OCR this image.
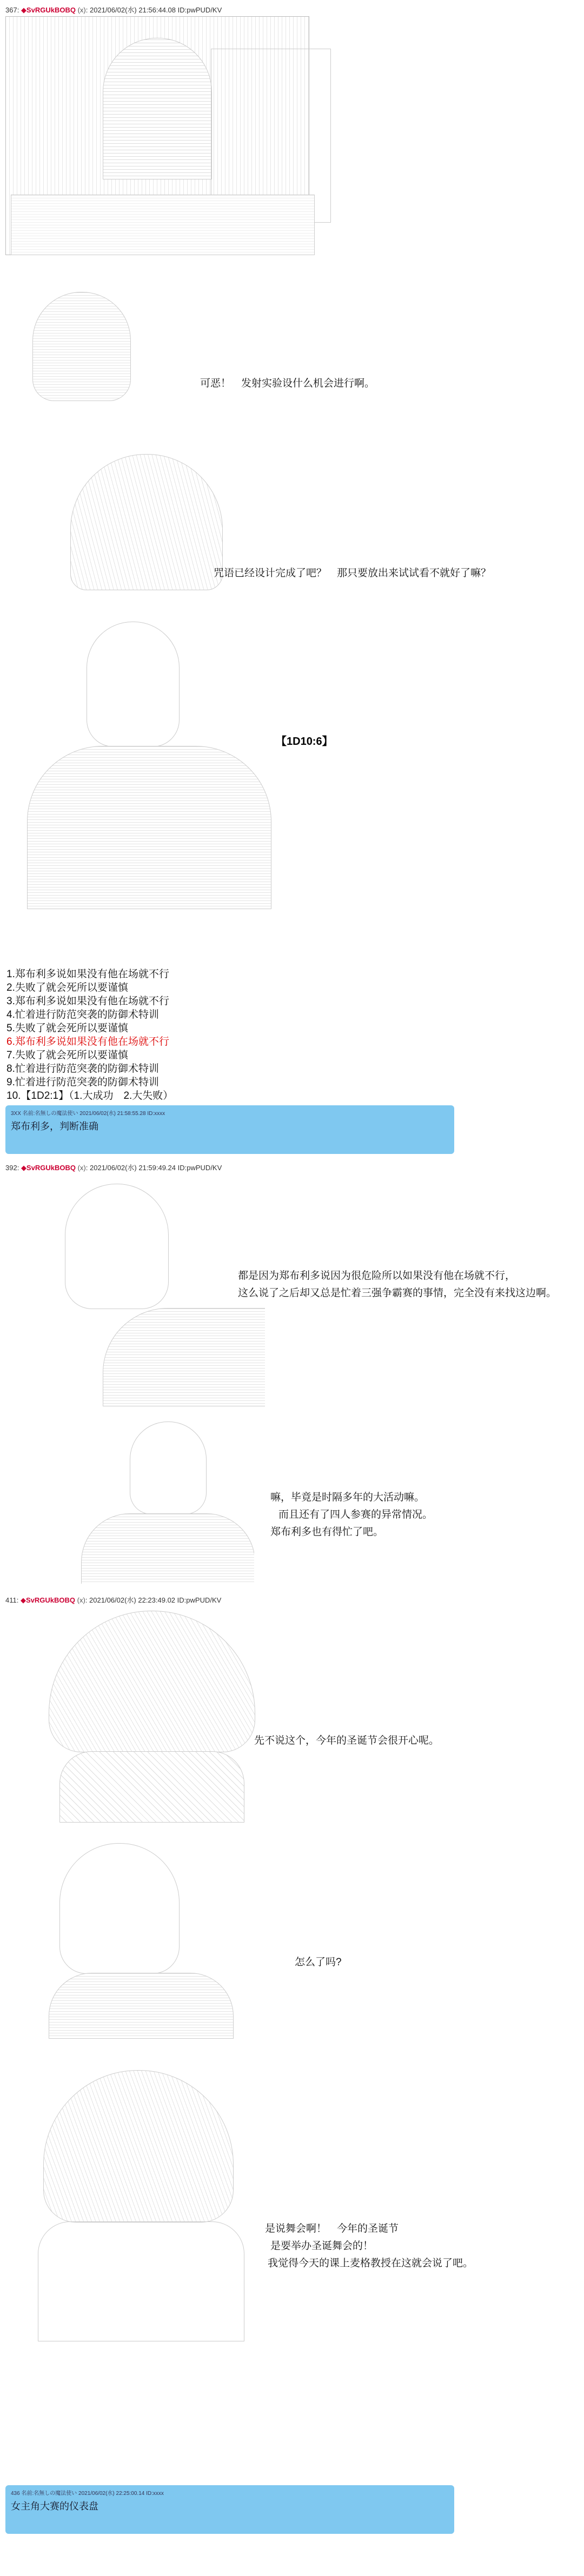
367: ◆SvRGUkBOBQ (x): 2021/06/02(水) 21:56:44.08 ID:pwPUD/KV

可恶！　发射实验设什么机会进行啊。

咒语已经设计完成了吧？　那只要放出来试试看不就好了嘛？

【1D10:6】
1.郑布利多说如果没有他在场就不行
2.失败了就会死所以要谨慎
3.郑布利多说如果没有他在场就不行
4.忙着进行防范突袭的防御术特训
5.失败了就会死所以要谨慎
6.郑布利多说如果没有他在场就不行
7.失败了就会死所以要谨慎
8.忙着进行防范突袭的防御术特训
9.忙着进行防范突袭的防御术特训
10.【1D2:1】（1.大成功　2.大失败）
3XX 名前:名無しの魔法使い 2021/06/02(水) 21:58:55.28 ID:xxxx
郑布利多，判断准确
392: ◆SvRGUkBOBQ (x): 2021/06/02(水) 21:59:49.24 ID:pwPUD/KV

都是因为郑布利多说因为很危险所以如果没有他在场就不行，
这么说了之后却又总是忙着三强争霸赛的事情，完全没有来找这边啊。

嘛，毕竟是时隔多年的大活动嘛。
而且还有了四人参赛的异常情况。
郑布利多也有得忙了吧。
411: ◆SvRGUkBOBQ (x): 2021/06/02(水) 22:23:49.02 ID:pwPUD/KV

先不说这个，今年的圣诞节会很开心呢。

怎么了吗?

是说舞会啊！　今年的圣诞节
是要举办圣诞舞会的！
我觉得今天的课上麦格教授在这就会说了吧。
436 名前:名無しの魔法使い 2021/06/02(水) 22:25:00.14 ID:xxxx
女主角大赛的仪表盘
